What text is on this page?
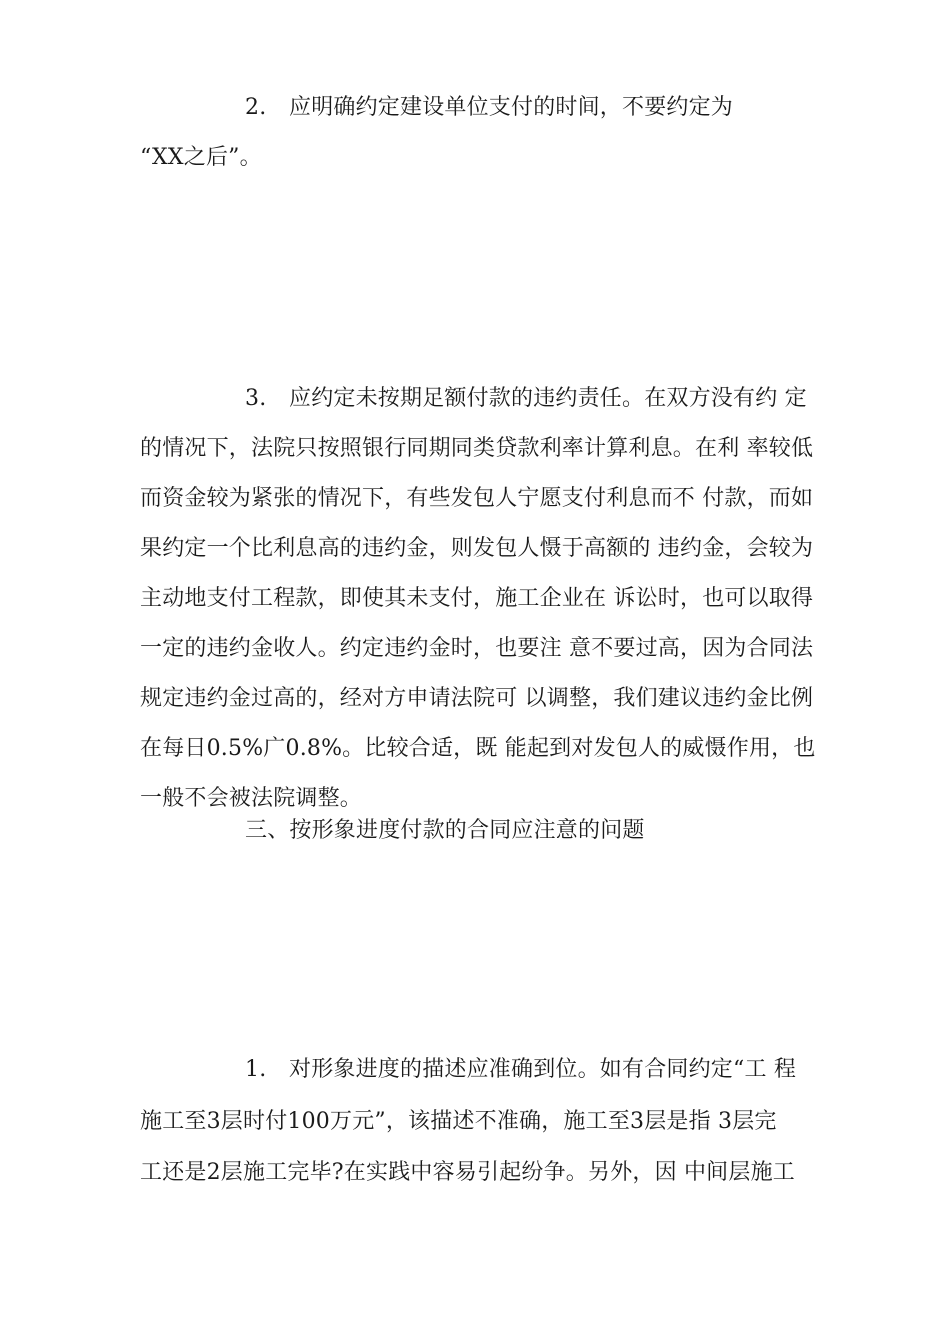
2. 应明确约定建设单位支付的时间，不要约定为
“XX之后”。
3. 应约定未按期足额付款的违约责任。在双方没有约 定
的情况下，法院只按照银行同期同类贷款利率计算利息。在利 率较低
而资金较为紧张的情况下，有些发包人宁愿支付利息而不 付款，而如
果约定一个比利息高的违约金，则发包人慑于高额的 违约金，会较为
主动地支付工程款，即使其未支付，施工企业在 诉讼时，也可以取得
一定的违约金收人。约定违约金时，也要注 意不要过高，因为合同法
规定违约金过高的，经对方申请法院可 以调整，我们建议违约金比例
在每日0.5%广0.8%。比较合适，既 能起到对发包人的威慑作用，也
一般不会被法院调整。
三、按形象进度付款的合同应注意的问题
1. 对形象进度的描述应准确到位。如有合同约定“工 程
施工至3层时付100万元”，该描述不准确，施工至3层是指 3层完
工还是2层施工完毕?在实践中容易引起纷争。另外，因 中间层施工
